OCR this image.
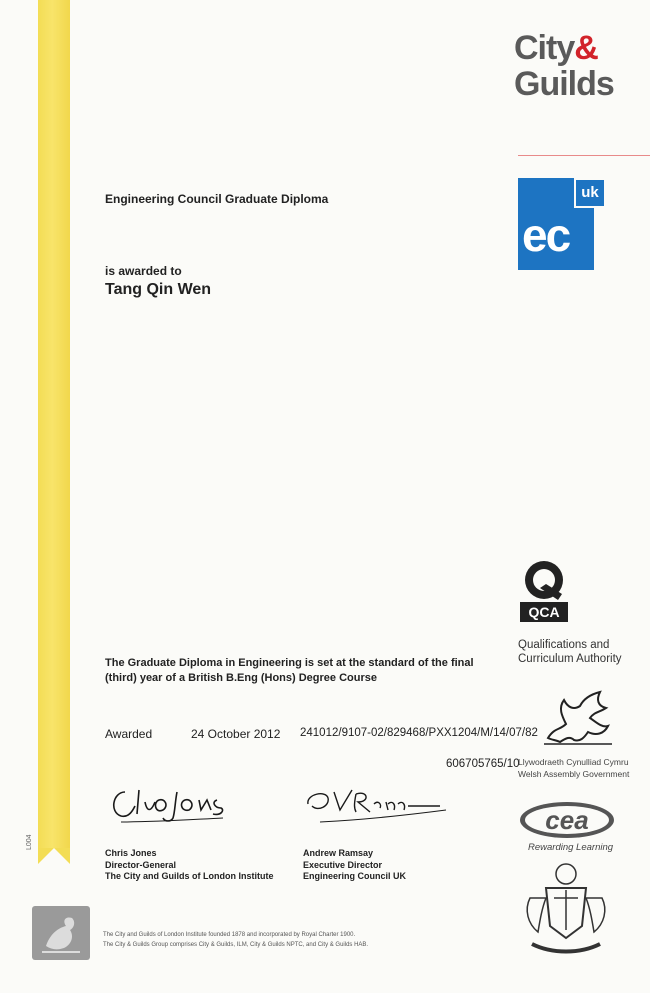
L004
City&
Guilds
uk
ec
Engineering Council Graduate Diploma
is awarded to
Tang Qin Wen
QCA
Qualifications and
Curriculum Authority
The Graduate Diploma in Engineering is set at the standard of the final
(third) year of a British B.Eng (Hons) Degree Course
Awarded	24 October 2012 241012/9107-02/829468/PXX1204/M/14/07/82
606705765/10
Llywodraeth Cynulliad Cymru
Welsh Assembly Government
cea
Rewarding Learning
Chris Jones
Director-General
The City and Guilds of London Institute
Andrew Ramsay
Executive Director
Engineering Council UK
The City and Guilds of London Institute founded 1878 and incorporated by Royal Charter 1900.
The City & Guilds Group comprises City & Guilds, ILM, City & Guilds NPTC, and City & Guilds HAB.
